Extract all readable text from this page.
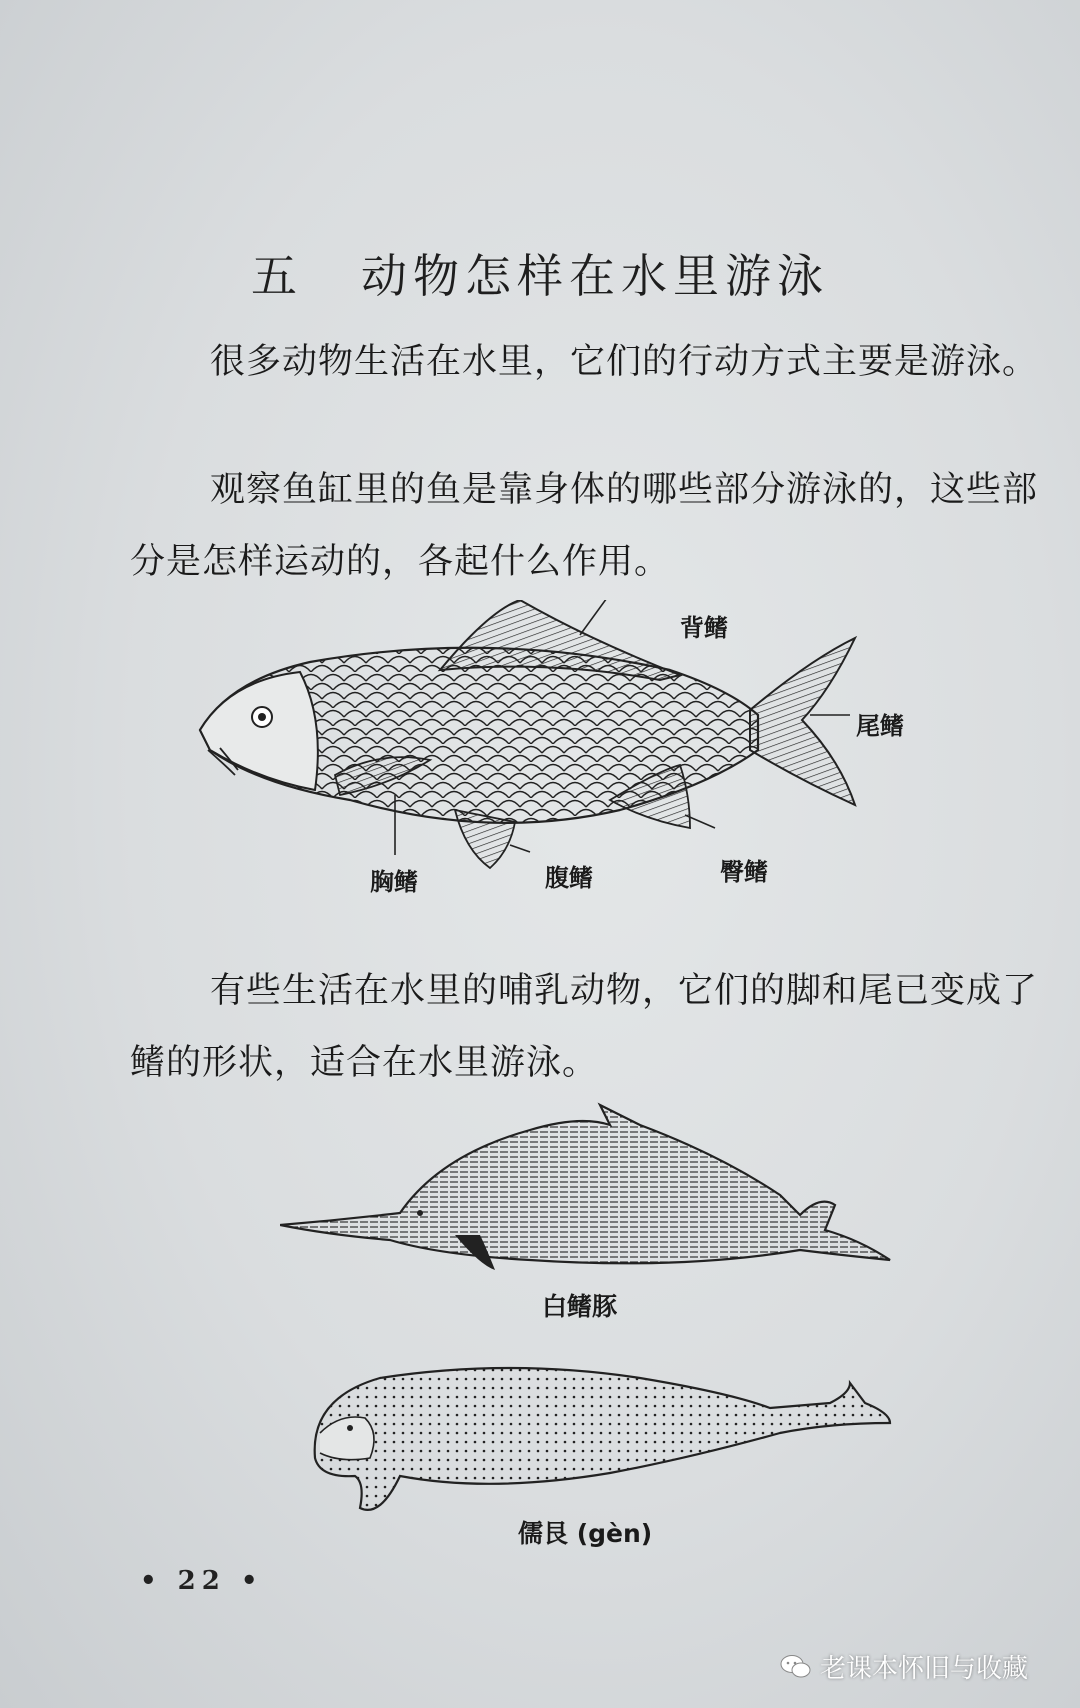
五 动物怎样在水里游泳

很多动物生活在水里，它们的行动方式主要是游泳。

观察鱼缸里的鱼是靠身体的哪些部分游泳的，这些部分是怎样运动的，各起什么作用。

背鳍
尾鳍
胸鳍	腹鳍	臀鳍

有些生活在水里的哺乳动物，它们的脚和尾已变成了鳍的形状，适合在水里游泳。

白鳍豚
儒艮 (gèn)
• 22 •
老课本怀旧与收藏
